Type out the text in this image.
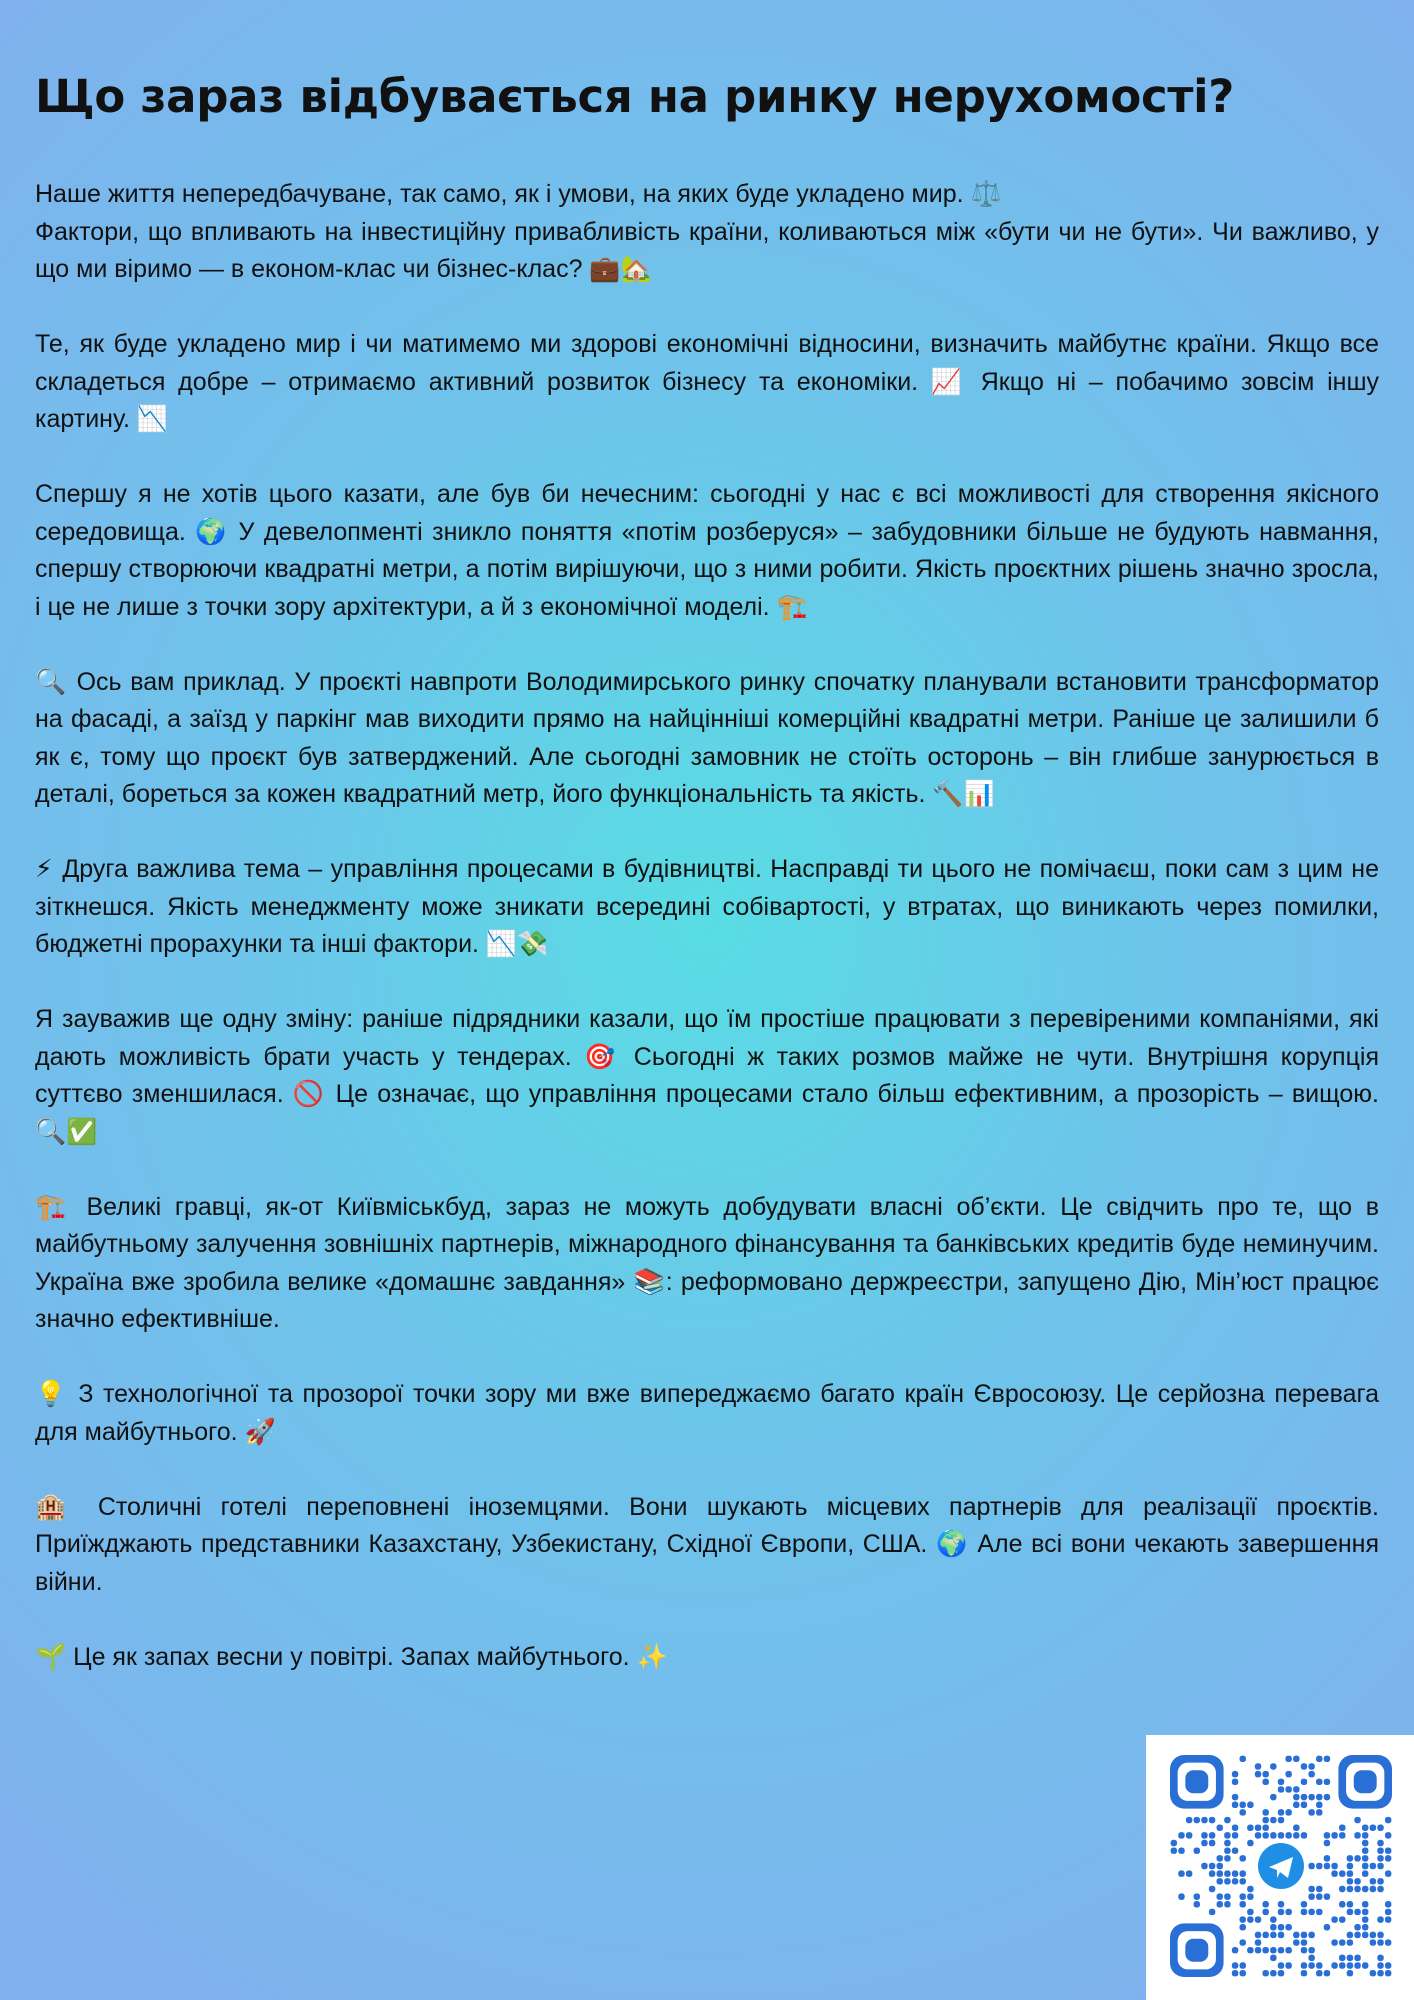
Що зараз відбувається на ринку нерухомості?
Наше життя непередбачуване, так само, як і умови, на яких буде укладено мир. ⚖️
Фактори, що впливають на інвестиційну привабливість країни, коливаються між «бути чи не бути». Чи важливо, у що ми віримо — в економ-клас чи бізнес-клас? 💼🏡
Те, як буде укладено мир і чи матимемо ми здорові економічні відносини, визначить майбутнє країни. Якщо все складеться добре – отримаємо активний розвиток бізнесу та економіки. 📈 Якщо ні – побачимо зовсім іншу картину. 📉
Спершу я не хотів цього казати, але був би нечесним: сьогодні у нас є всі можливості для створення якісного середовища. 🌍 У девелопменті зникло поняття «потім розберуся» – забудовники більше не будують навмання, спершу створюючи квадратні метри, а потім вирішуючи, що з ними робити. Якість проєктних рішень значно зросла, і це не лише з точки зору архітектури, а й з економічної моделі. 🏗️
🔍 Ось вам приклад. У проєкті навпроти Володимирського ринку спочатку планували встановити трансформатор на фасаді, а заїзд у паркінг мав виходити прямо на найцінніші комерційні квадратні метри. Раніше це залишили б як є, тому що проєкт був затверджений. Але сьогодні замовник не стоїть осторонь – він глибше занурюється в деталі, бореться за кожен квадратний метр, його функціональність та якість. 🔨📊
⚡ Друга важлива тема – управління процесами в будівництві. Насправді ти цього не помічаєш, поки сам з цим не зіткнешся. Якість менеджменту може зникати всередині собівартості, у втратах, що виникають через помилки, бюджетні прорахунки та інші фактори. 📉💸
Я зауважив ще одну зміну: раніше підрядники казали, що їм простіше працювати з перевіреними компаніями, які дають можливість брати участь у тендерах. 🎯 Сьогодні ж таких розмов майже не чути. Внутрішня корупція суттєво зменшилася. 🚫 Це означає, що управління процесами стало більш ефективним, а прозорість – вищою. 🔍✅
🏗️ Великі гравці, як-от Київміськбуд, зараз не можуть добудувати власні об’єкти. Це свідчить про те, що в майбутньому залучення зовнішніх партнерів, міжнародного фінансування та банківських кредитів буде неминучим. Україна вже зробила велике «домашнє завдання» 📚: реформовано держреєстри, запущено Дію, Мін’юст працює значно ефективніше.
💡 З технологічної та прозорої точки зору ми вже випереджаємо багато країн Євросоюзу. Це серйозна перевага для майбутнього. 🚀
🏨 Столичні готелі переповнені іноземцями. Вони шукають місцевих партнерів для реалізації проєктів. Приїжджають представники Казахстану, Узбекистану, Східної Європи, США. 🌍 Але всі вони чекають завершення війни.
🌱 Це як запах весни у повітрі. Запах майбутнього. ✨
